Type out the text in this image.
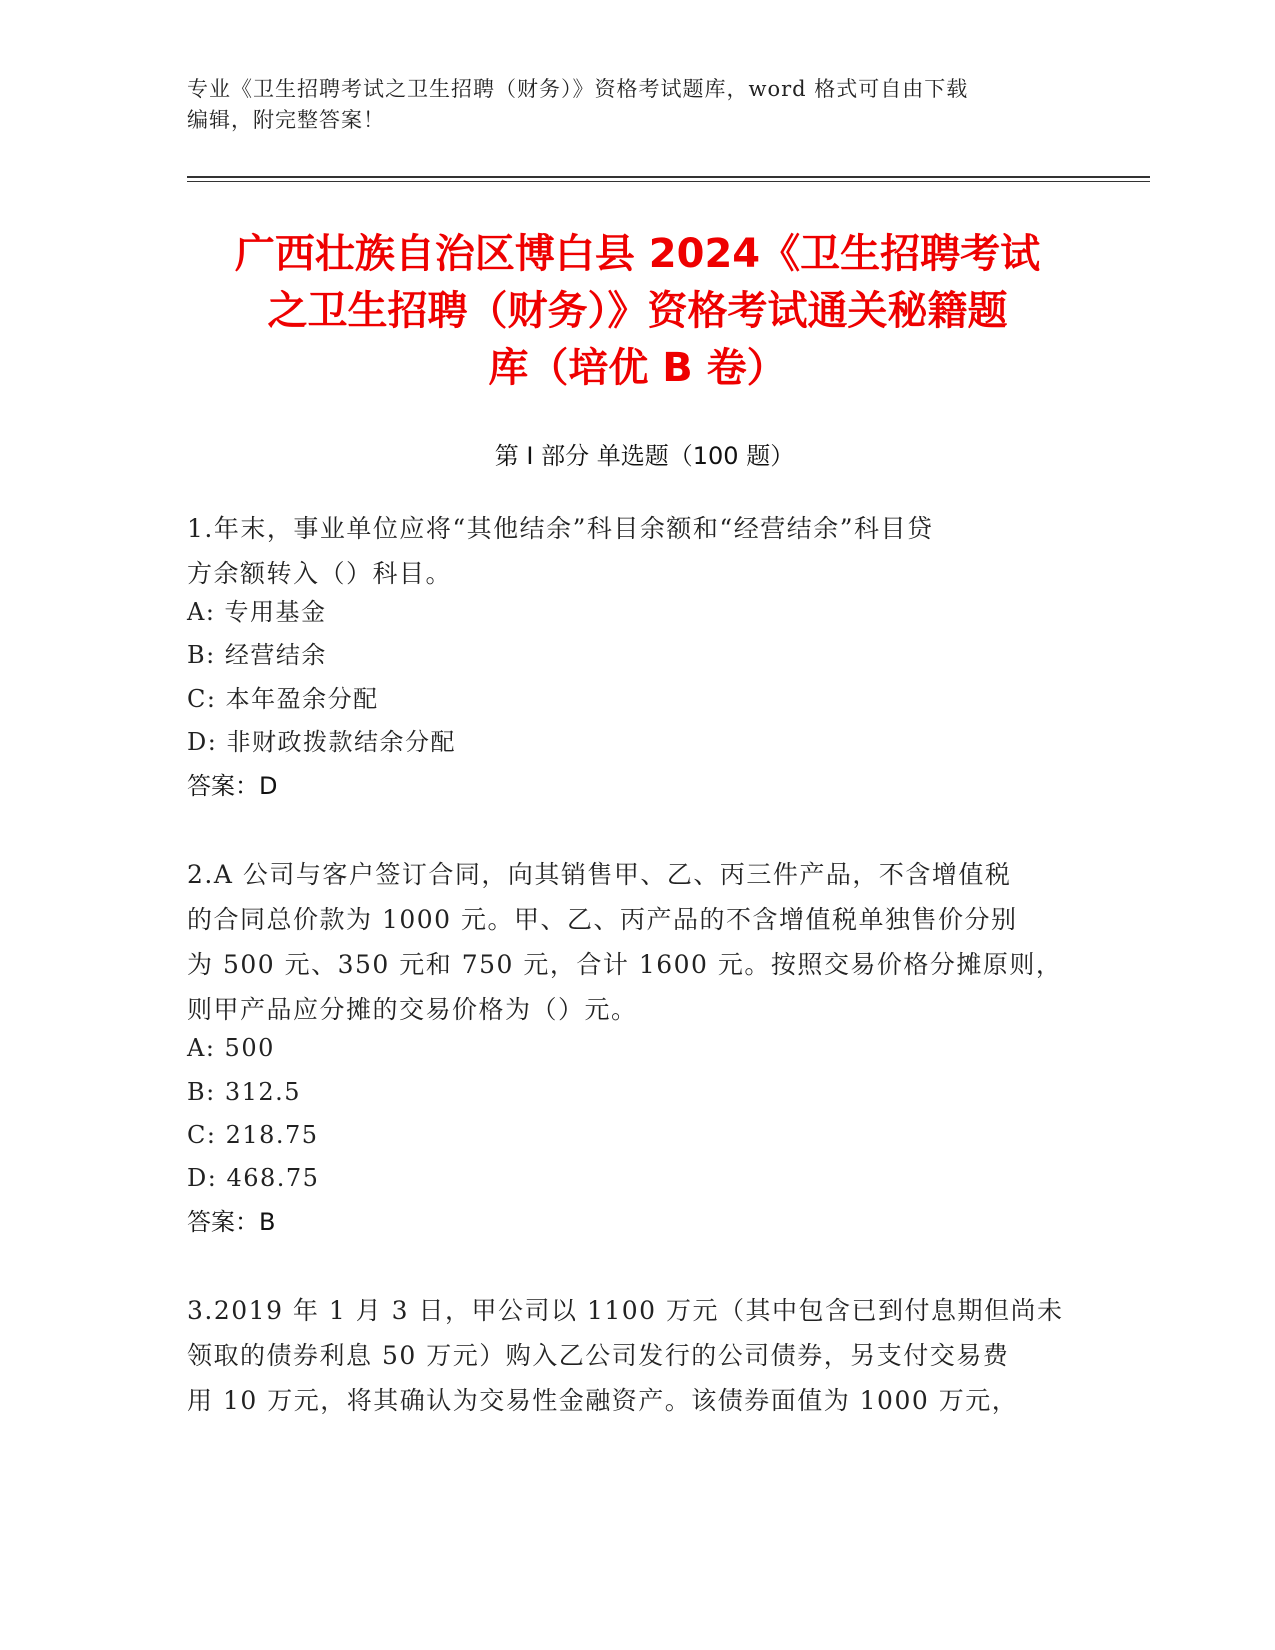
专业《卫生招聘考试之卫生招聘（财务）》资格考试题库，word 格式可自由下载
编辑，附完整答案！
广西壮族自治区博白县 2024《卫生招聘考试
之卫生招聘（财务）》资格考试通关秘籍题
库（培优 B 卷）
第 I 部分 单选题（100 题）
1.年末，事业单位应将“其他结余”科目余额和“经营结余”科目贷
方余额转入（）科目。
A: 专用基金
B: 经营结余
C: 本年盈余分配
D: 非财政拨款结余分配
答案：D
2.A 公司与客户签订合同，向其销售甲、乙、丙三件产品，不含增值税
的合同总价款为 1000 元。甲、乙、丙产品的不含增值税单独售价分别
为 500 元、350 元和 750 元，合计 1600 元。按照交易价格分摊原则，
则甲产品应分摊的交易价格为（）元。
A: 500
B: 312.5
C: 218.75
D: 468.75
答案：B
3.2019 年 1 月 3 日，甲公司以 1100 万元（其中包含已到付息期但尚未
领取的债券利息 50 万元）购入乙公司发行的公司债券，另支付交易费
用 10 万元，将其确认为交易性金融资产。该债券面值为 1000 万元，
